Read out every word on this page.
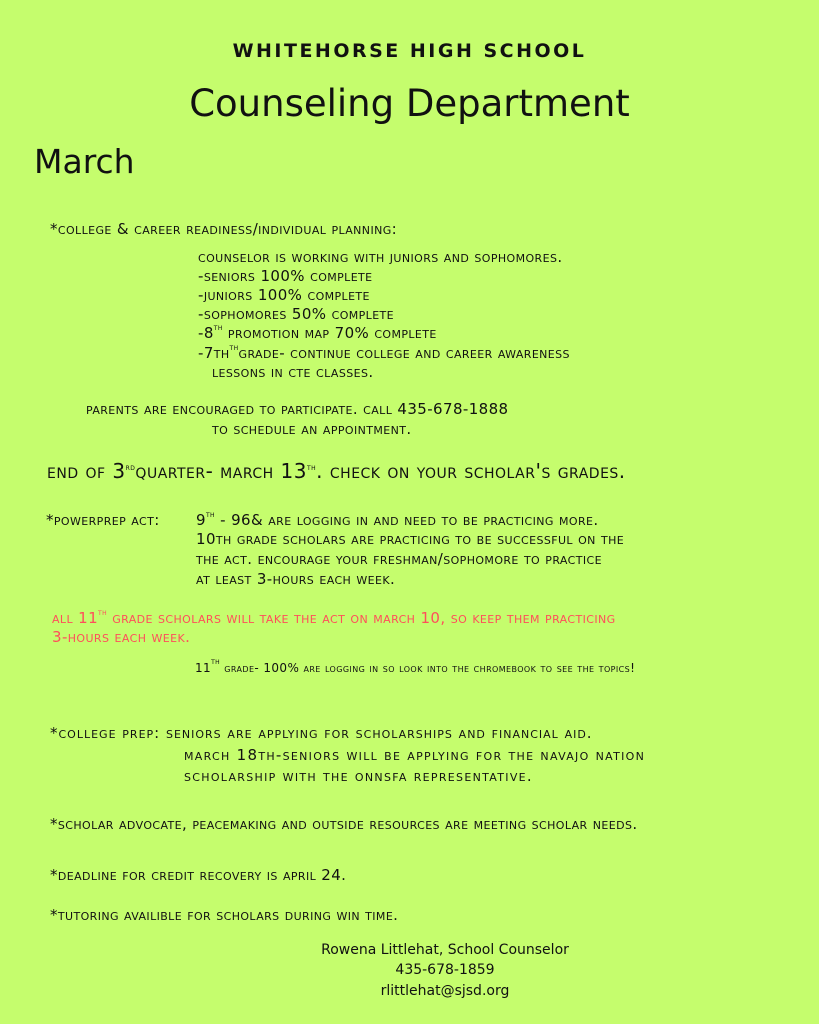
WHITEHORSE HIGH SCHOOL
Counseling Department
March
*college & career readiness/individual planning:
counselor is working with juniors and sophomores.
-seniors 100% complete
-juniors 100% complete
-sophomores 50% complete
-8th promotion map 70% complete
$-7th^{th}grade-$ continue college and career awareness
lessons in cte classes.
parents are encouraged to participate. call 435-678-1888
to schedule an appointment.
end of 3rdquarter- march 13th. check on your scholar's grades.
*powerprep act: 9th - 96& are logging in and need to be practicing more.
10th grade scholars are practicing to be successful on the
the act. encourage your freshman/sophomore to practice
at least 3-hours each week.
all 11th grade scholars will take the act on march 10, so keep them practicing
3-hours each week.
11th grade- 100% are logging in so look into the chromebook to see the topics!
*college prep: seniors are applying for scholarships and financial aid.
march 18th-seniors will be applying for the navajo nation
scholarship with the onnsfa representative.
*scholar advocate, peacemaking and outside resources are meeting scholar needs.
*deadline for credit recovery is april 24.
*tutoring availible for scholars during win time.
Rowena Littlehat, School Counselor
435-678-1859
rlittlehat@sjsd.org
